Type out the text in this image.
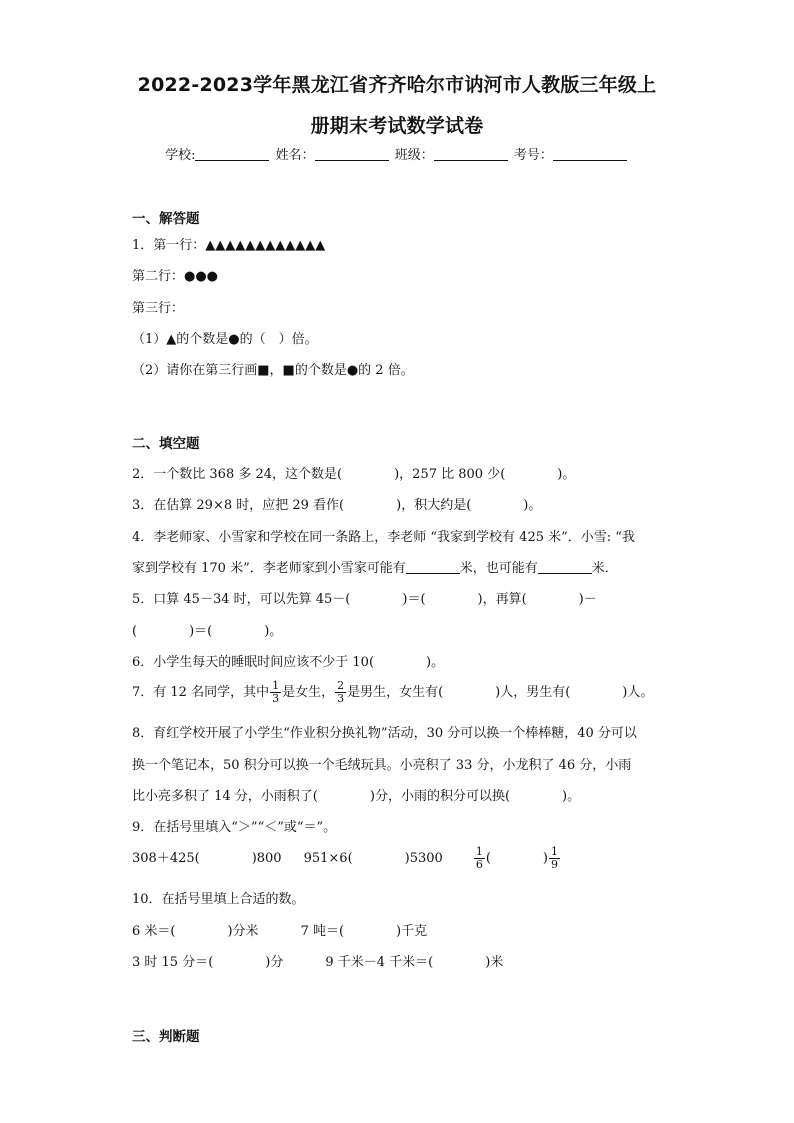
2022-2023学年黑龙江省齐齐哈尔市讷河市人教版三年级上
册期末考试数学试卷
学校:	姓名：	班级：	考号：
一、解答题
1．第一行：▲▲▲▲▲▲▲▲▲▲▲▲
第二行：●●●
第三行：
（1）▲的个数是●的（　）倍。
（2）请你在第三行画■，■的个数是●的 2 倍。
二、填空题
2．一个数比 368 多 24，这个数是(　　　　)，257 比 800 少(　　　　)。
3．在估算 29×8 时，应把 29 看作(　　　　)，积大约是(　　　　)。
4．李老师家、小雪家和学校在同一条路上，李老师 “我家到学校有 425 米”．小雪: “我
家到学校有 170 米”．李老师家到小雪家可能有	米，也可能有	米．
5．口算 45－34 时，可以先算 45－(　　　　)＝(　　　　)，再算(　　　　)－
(　　　　)＝(　　　　)。
6．小学生每天的睡眠时间应该不少于 10(　　　　)。
7．有 12 名同学，其中 $\frac{1}{3}$ 是女生， $\frac{2}{3}$ 是男生，女生有(　　　　)人，男生有(　　　　)人。
8．育红学校开展了小学生“作业积分换礼物”活动，30 分可以换一个棒棒糖，40 分可以
换一个笔记本，50 积分可以换一个毛绒玩具。小亮积了 33 分，小龙积了 46 分，小雨
比小亮多积了 14 分，小雨积了(　　　　)分，小雨的积分可以换(　　　　)。
9．在括号里填入“＞”“＜”或“＝”。
308＋425(　　　　)800 951×6(　　　　)5300	$\frac{1}{6}$ (　　　　) $\frac{1}{9}$
10．在括号里填上合适的数。
6 米＝(　　　　)分米	7 吨＝(　　　　)千克
3 时 15 分＝(　　　　)分	9 千米－4 千米＝(　　　　)米
三、判断题
